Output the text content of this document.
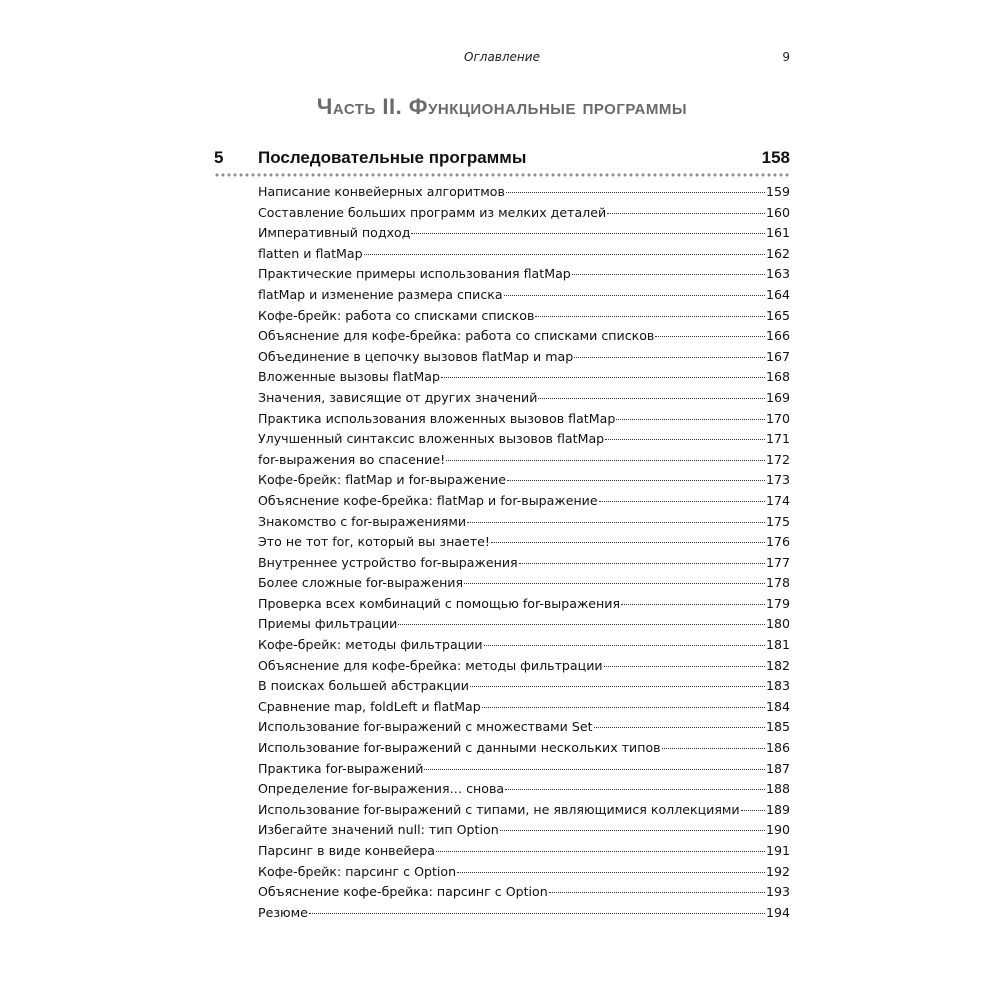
Оглавление	9
Часть II. Функциональные программы
5 Последовательные программы	158
Написание конвейерных алгоритмов	159
Составление больших программ из мелких деталей	160
Императивный подход	161
flatten и flatMap	162
Практические примеры использования flatMap	163
flatMap и изменение размера списка	164
Кофе-брейк: работа со списками списков	165
Объяснение для кофе-брейка: работа со списками списков	166
Объединение в цепочку вызовов flatMap и map	167
Вложенные вызовы flatMap	168
Значения, зависящие от других значений	169
Практика использования вложенных вызовов flatMap	170
Улучшенный синтаксис вложенных вызовов flatMap	171
for-выражения во спасение!	172
Кофе-брейк: flatMap и for-выражение	173
Объяснение кофе-брейка: flatMap и for-выражение	174
Знакомство с for-выражениями	175
Это не тот for, который вы знаете!	176
Внутреннее устройство for-выражения	177
Более сложные for-выражения	178
Проверка всех комбинаций с помощью for-выражения	179
Приемы фильтрации	180
Кофе-брейк: методы фильтрации	181
Объяснение для кофе-брейка: методы фильтрации	182
В поисках большей абстракции	183
Сравнение map, foldLeft и flatMap	184
Использование for-выражений с множествами Set	185
Использование for-выражений с данными нескольких типов	186
Практика for-выражений	187
Определение for-выражения… снова	188
Использование for-выражений с типами, не являющимися коллекциями 189
Избегайте значений null: тип Option	190
Парсинг в виде конвейера	191
Кофе-брейк: парсинг с Option	192
Объяснение кофе-брейка: парсинг с Option	193
Резюме	194
